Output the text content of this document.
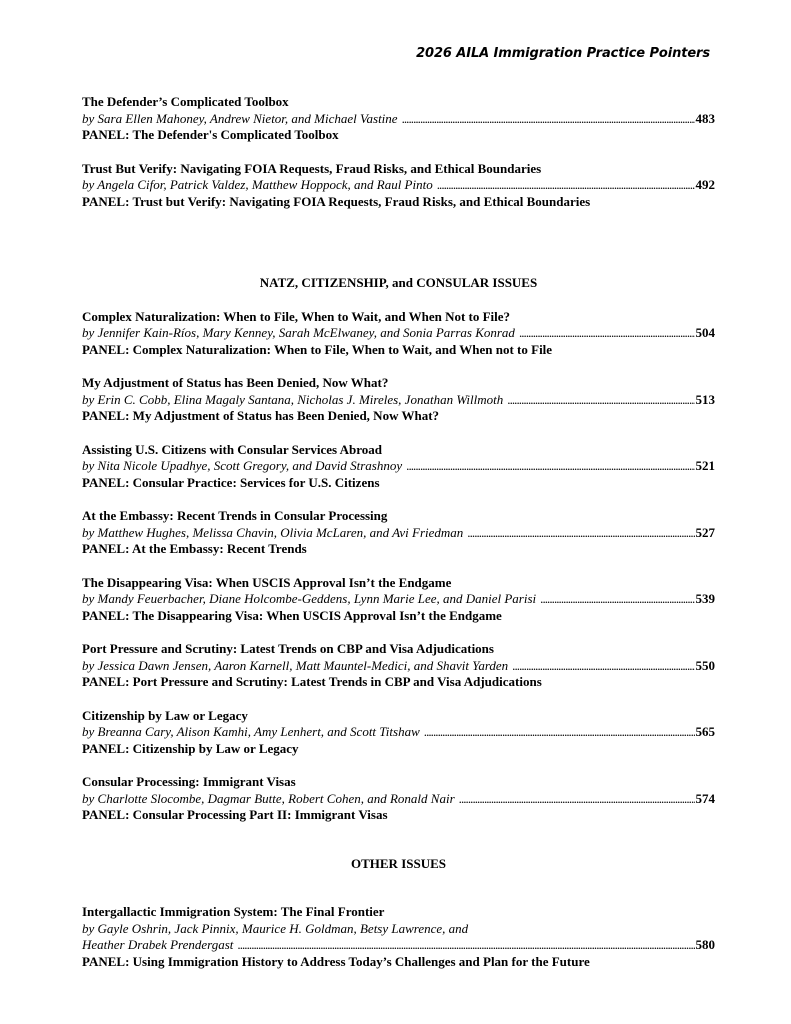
2026 AILA Immigration Practice Pointers
The Defender’s Complicated Toolbox
by Sara Ellen Mahoney, Andrew Nietor, and Michael Vastine . . .	483
PANEL: The Defender's Complicated Toolbox
Trust But Verify: Navigating FOIA Requests, Fraud Risks, and Ethical Boundaries
by Angela Cifor, Patrick Valdez, Matthew Hoppock, and Raul Pinto . . .	492
PANEL: Trust but Verify: Navigating FOIA Requests, Fraud Risks, and Ethical Boundaries
NATZ, CITIZENSHIP, and CONSULAR ISSUES
Complex Naturalization: When to File, When to Wait, and When Not to File?
by Jennifer Kain-Ríos, Mary Kenney, Sarah McElwaney, and Sonia Parras Konrad . . .	504
PANEL: Complex Naturalization: When to File, When to Wait, and When not to File
My Adjustment of Status has Been Denied, Now What?
by Erin C. Cobb, Elina Magaly Santana, Nicholas J. Mireles, Jonathan Willmoth . . .	513
PANEL: My Adjustment of Status has Been Denied, Now What?
Assisting U.S. Citizens with Consular Services Abroad
by Nita Nicole Upadhye, Scott Gregory, and David Strashnoy . . .	521
PANEL: Consular Practice: Services for U.S. Citizens
At the Embassy: Recent Trends in Consular Processing
by Matthew Hughes, Melissa Chavin, Olivia McLaren, and Avi Friedman . . .	527
PANEL: At the Embassy: Recent Trends
The Disappearing Visa: When USCIS Approval Isn’t the Endgame
by Mandy Feuerbacher, Diane Holcombe-Geddens, Lynn Marie Lee, and Daniel Parisi . . .	539
PANEL: The Disappearing Visa: When USCIS Approval Isn’t the Endgame
Port Pressure and Scrutiny: Latest Trends on CBP and Visa Adjudications
by Jessica Dawn Jensen, Aaron Karnell, Matt Mauntel-Medici, and Shavit Yarden . . .	550
PANEL: Port Pressure and Scrutiny: Latest Trends in CBP and Visa Adjudications
Citizenship by Law or Legacy
by Breanna Cary, Alison Kamhi, Amy Lenhert, and Scott Titshaw . . .	565
PANEL: Citizenship by Law or Legacy
Consular Processing: Immigrant Visas
by Charlotte Slocombe, Dagmar Butte, Robert Cohen, and Ronald Nair . . .	574
PANEL: Consular Processing Part II: Immigrant Visas
OTHER ISSUES
Intergallactic Immigration System: The Final Frontier
by Gayle Oshrin, Jack Pinnix, Maurice H. Goldman, Betsy Lawrence, and
Heather Drabek Prendergast . . .	580
PANEL: Using Immigration History to Address Today’s Challenges and Plan for the Future
